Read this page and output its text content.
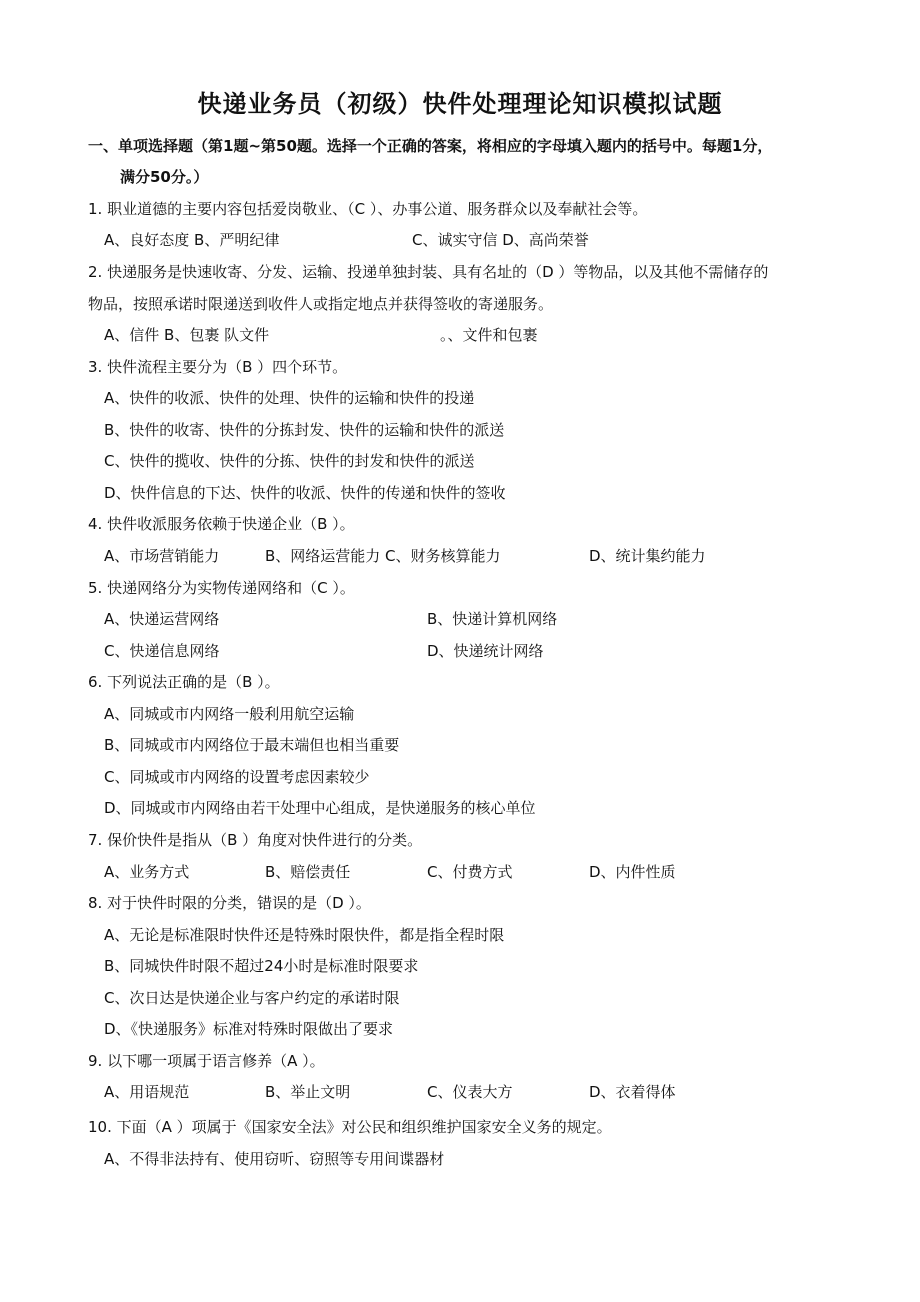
快递业务员（初级）快件处理理论知识模拟试题
一、单项选择题（第1题~第50题。选择一个正确的答案，将相应的字母填入题内的括号中。每题1分，
满分50分。）
1. 职业道德的主要内容包括爱岗敬业、（C ）、办事公道、服务群众以及奉献社会等。
A、良好态度 B、严明纪律	C、诚实守信 D、高尚荣誉
2. 快递服务是快速收寄、分发、运输、投递单独封装、具有名址的（D ）等物品，以及其他不需储存的
物品，按照承诺时限递送到收件人或指定地点并获得签收的寄递服务。
A、信件 B、包裹 队文件	。、文件和包裹
3. 快件流程主要分为（B ）四个环节。
A、快件的收派、快件的处理、快件的运输和快件的投递
B、快件的收寄、快件的分拣封发、快件的运输和快件的派送
C、快件的揽收、快件的分拣、快件的封发和快件的派送
D、快件信息的下达、快件的收派、快件的传递和快件的签收
4. 快件收派服务依赖于快递企业（B ）。
A、市场营销能力	B、网络运营能力 C、财务核算能力	D、统计集约能力
5. 快递网络分为实物传递网络和（C ）。
A、快递运营网络	B、快递计算机网络
C、快递信息网络	D、快递统计网络
6. 下列说法正确的是（B ）。
A、同城或市内网络一般利用航空运输
B、同城或市内网络位于最末端但也相当重要
C、同城或市内网络的设置考虑因素较少
D、同城或市内网络由若干处理中心组成，是快递服务的核心单位
7. 保价快件是指从（B ）角度对快件进行的分类。
A、业务方式	B、赔偿责任	C、付费方式	D、内件性质
8. 对于快件时限的分类，错误的是（D ）。
A、无论是标准限时快件还是特殊时限快件，都是指全程时限
B、同城快件时限不超过24小时是标准时限要求
C、次日达是快递企业与客户约定的承诺时限
D、《快递服务》标准对特殊时限做出了要求
9. 以下哪一项属于语言修养（A ）。
A、用语规范	B、举止文明	C、仪表大方	D、衣着得体
10. 下面（A ）项属于《国家安全法》对公民和组织维护国家安全义务的规定。
A、不得非法持有、使用窃听、窃照等专用间谍器材
